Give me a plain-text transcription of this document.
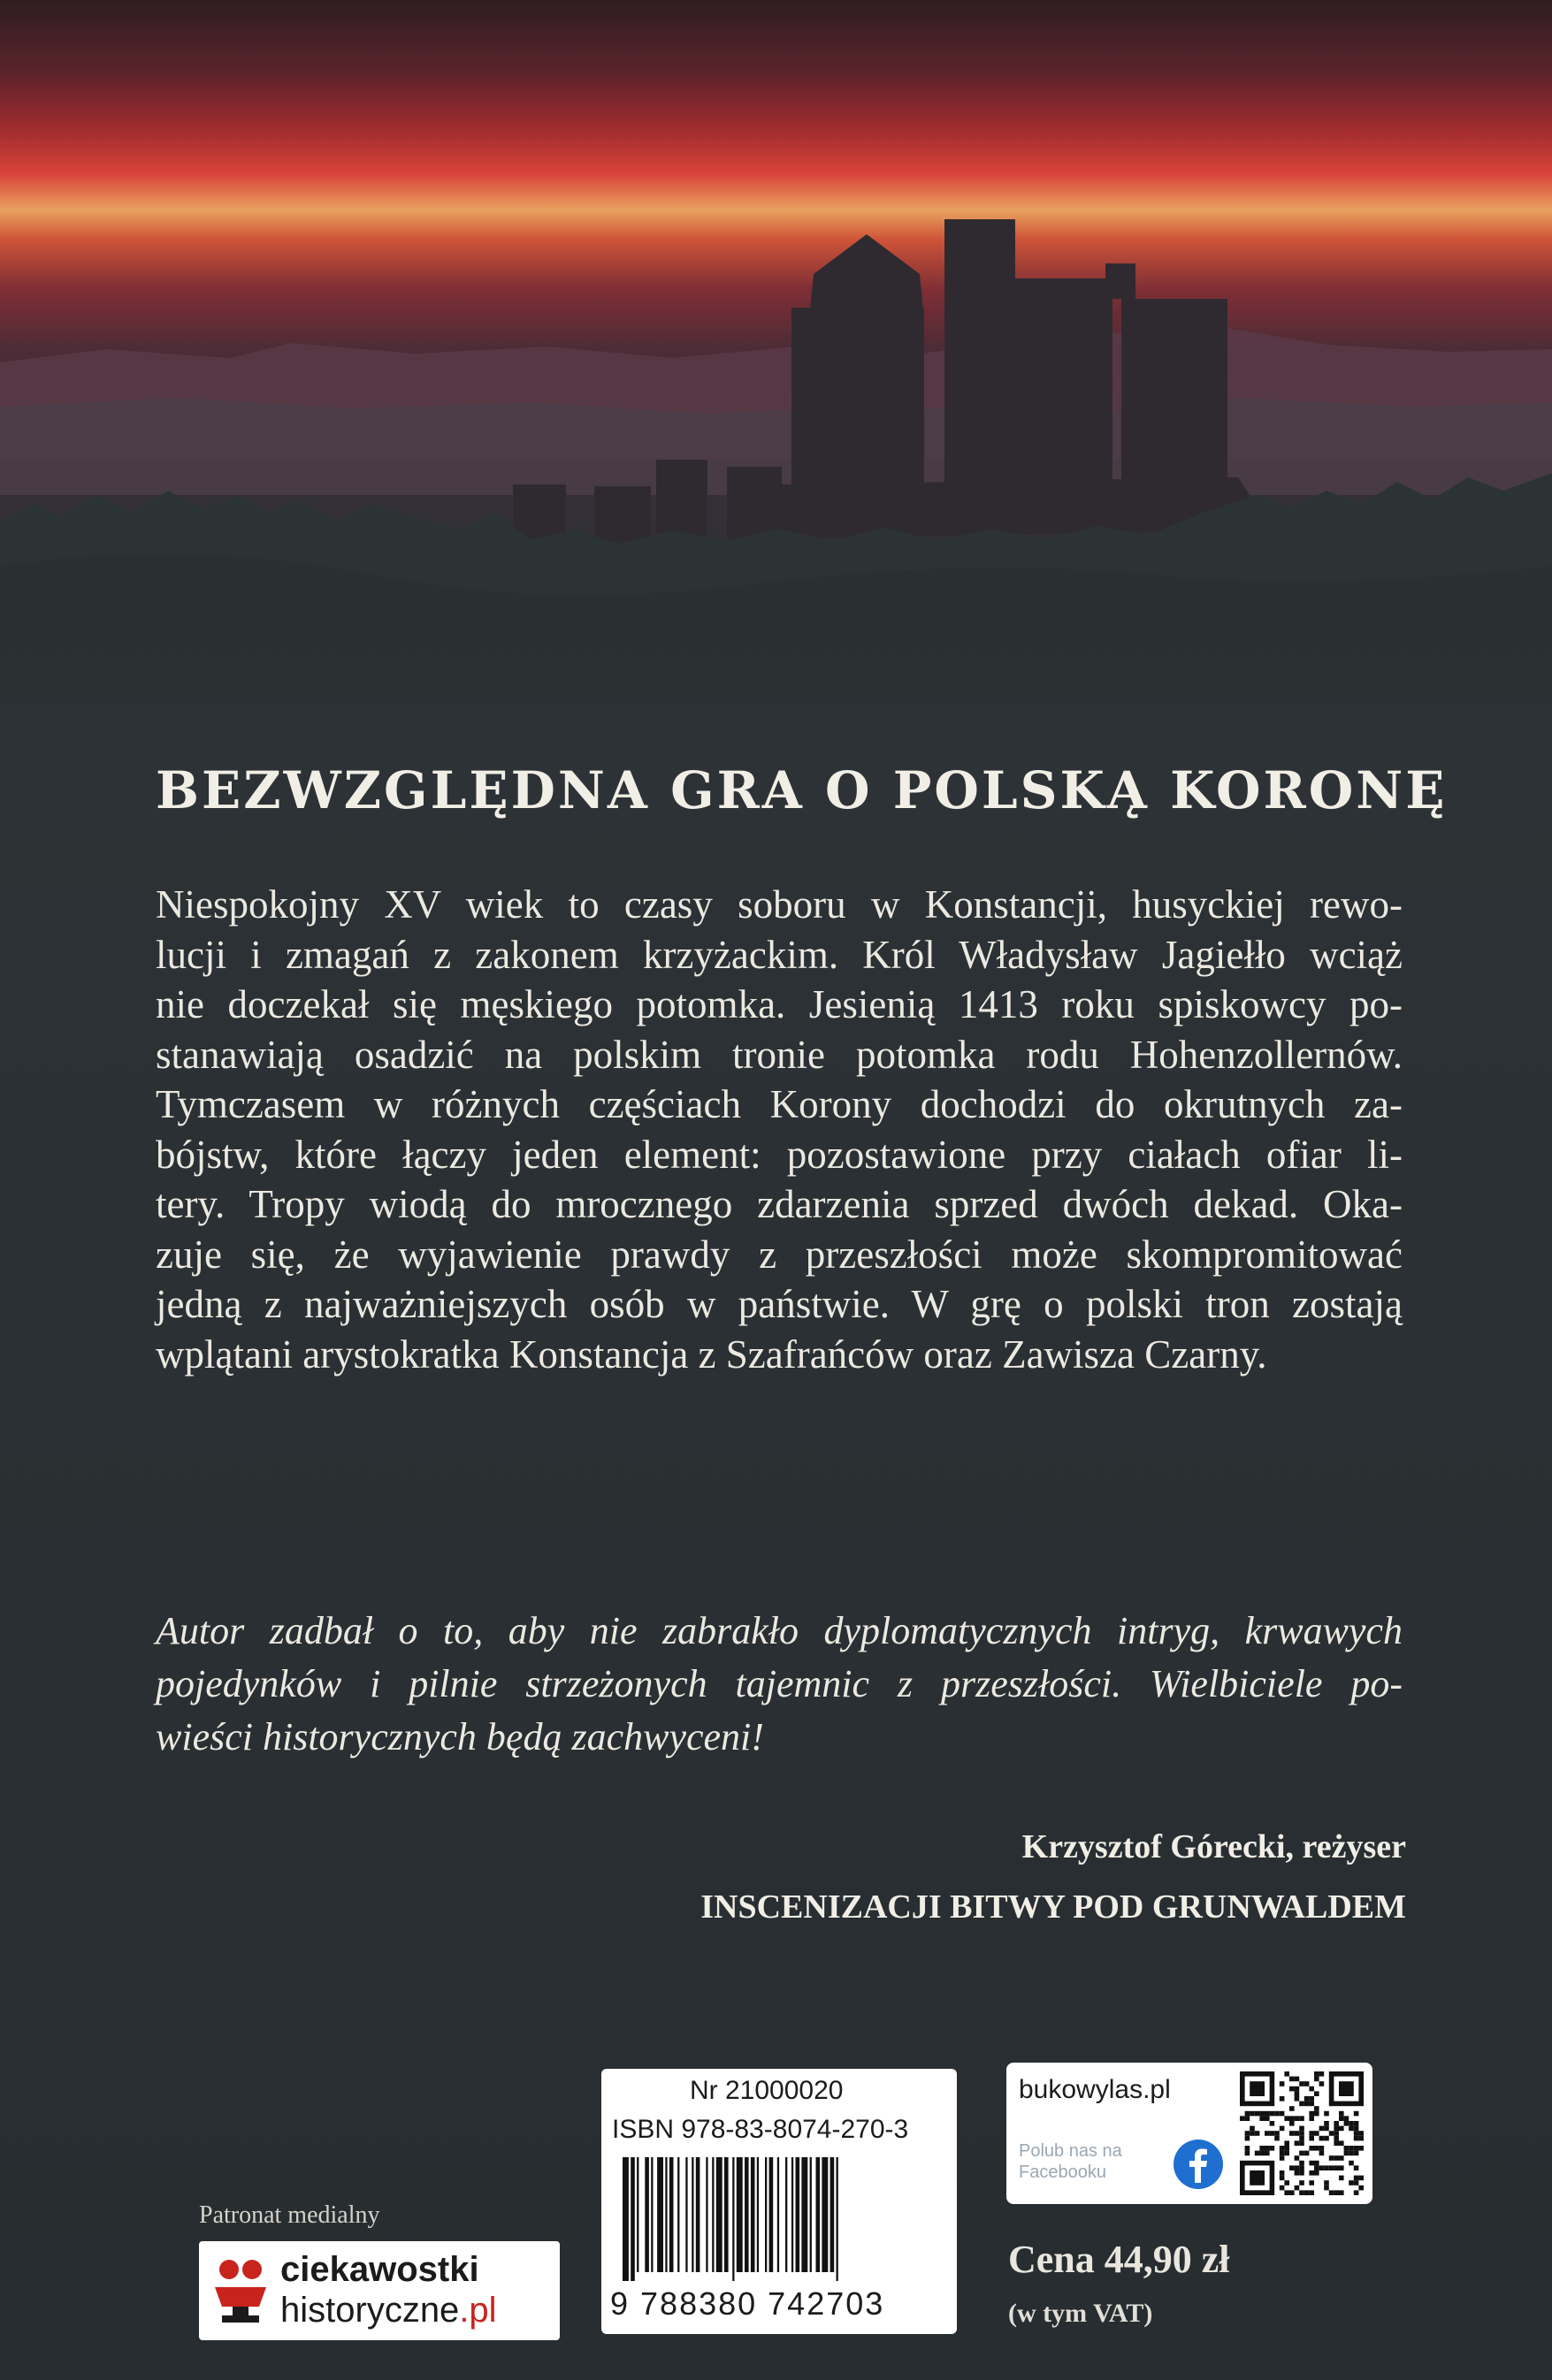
BEZWZGLĘDNA GRA O POLSKĄ KORONĘ
Niespokojny XV wiek to czasy soboru w Konstancji, husyckiej rewo-
lucji i zmagań z zakonem krzyżackim. Król Władysław Jagiełło wciąż
nie doczekał się męskiego potomka. Jesienią 1413 roku spiskowcy po-
stanawiają osadzić na polskim tronie potomka rodu Hohenzollernów.
Tymczasem w różnych częściach Korony dochodzi do okrutnych za-
bójstw, które łączy jeden element: pozostawione przy ciałach ofiar li-
tery. Tropy wiodą do mrocznego zdarzenia sprzed dwóch dekad. Oka-
zuje się, że wyjawienie prawdy z przeszłości może skompromitować
jedną z najważniejszych osób w państwie. W grę o polski tron zostają
wplątani arystokratka Konstancja z Szafrańców oraz Zawisza Czarny.
Autor zadbał o to, aby nie zabrakło dyplomatycznych intryg, krwawych
pojedynków i pilnie strzeżonych tajemnic z przeszłości. Wielbiciele po-
wieści historycznych będą zachwyceni!
Krzysztof Górecki, reżyser
INSCENIZACJI BITWY POD GRUNWALDEM
Patronat medialny
ciekawostki
historyczne.pl
Nr 21000020
ISBN 978-83-8074-270-3
9 788380 742703
bukowylas.pl
Polub nas na Facebooku
Cena 44,90 zł
(w tym VAT)
